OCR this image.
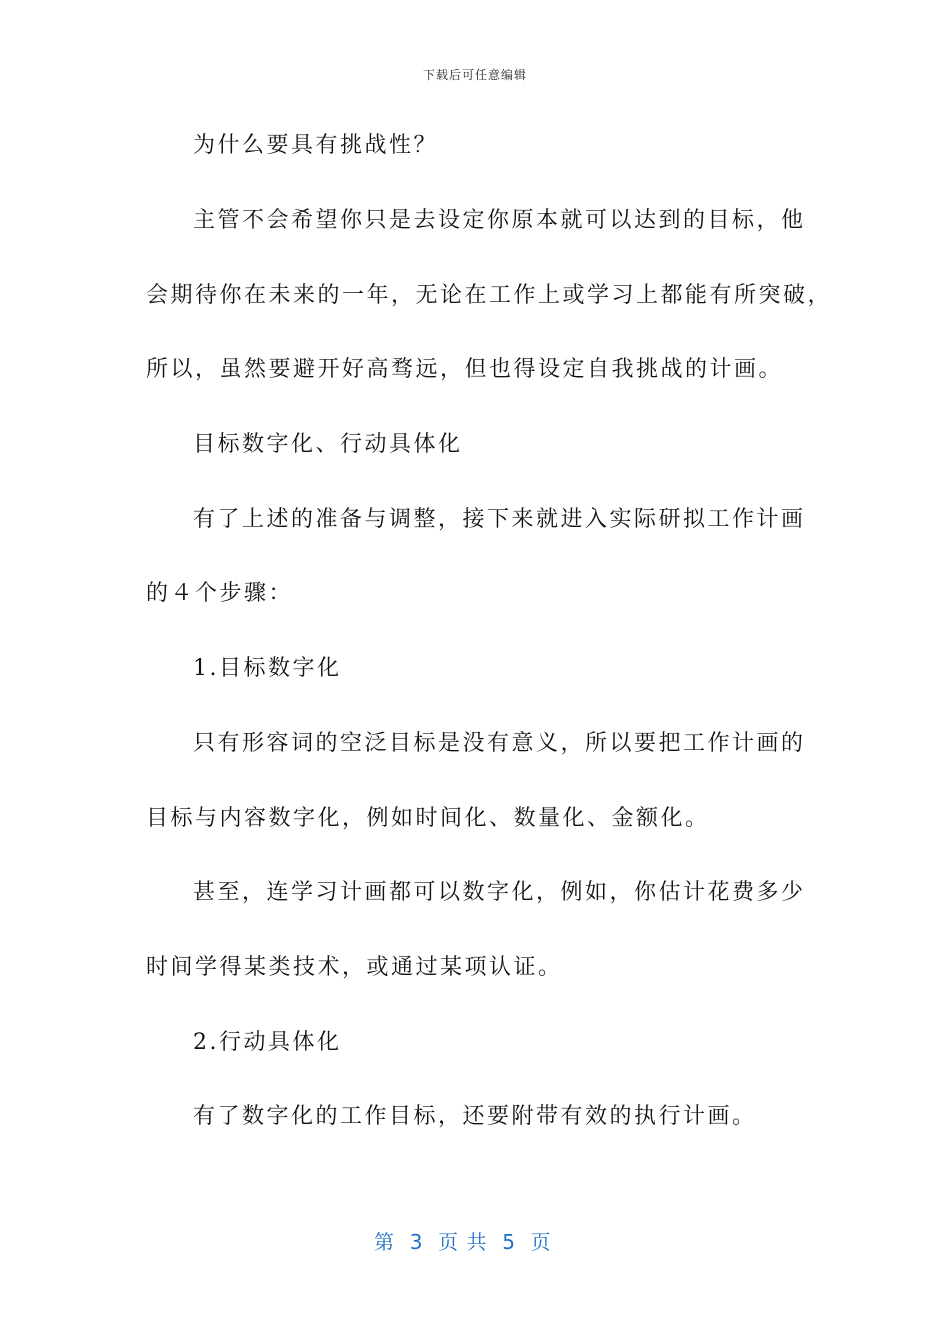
下载后可任意编辑
为什么要具有挑战性？
主管不会希望你只是去设定你原本就可以达到的目标，他
会期待你在未来的一年，无论在工作上或学习上都能有所突破，
所以，虽然要避开好高骛远，但也得设定自我挑战的计画。
目标数字化、行动具体化
有了上述的准备与调整，接下来就进入实际研拟工作计画
的４个步骤：
1.目标数字化
只有形容词的空泛目标是没有意义，所以要把工作计画的
目标与内容数字化，例如时间化、数量化、金额化。
甚至，连学习计画都可以数字化，例如，你估计花费多少
时间学得某类技术，或通过某项认证。
2.行动具体化
有了数字化的工作目标，还要附带有效的执行计画。
第  3  页 共  5  页
